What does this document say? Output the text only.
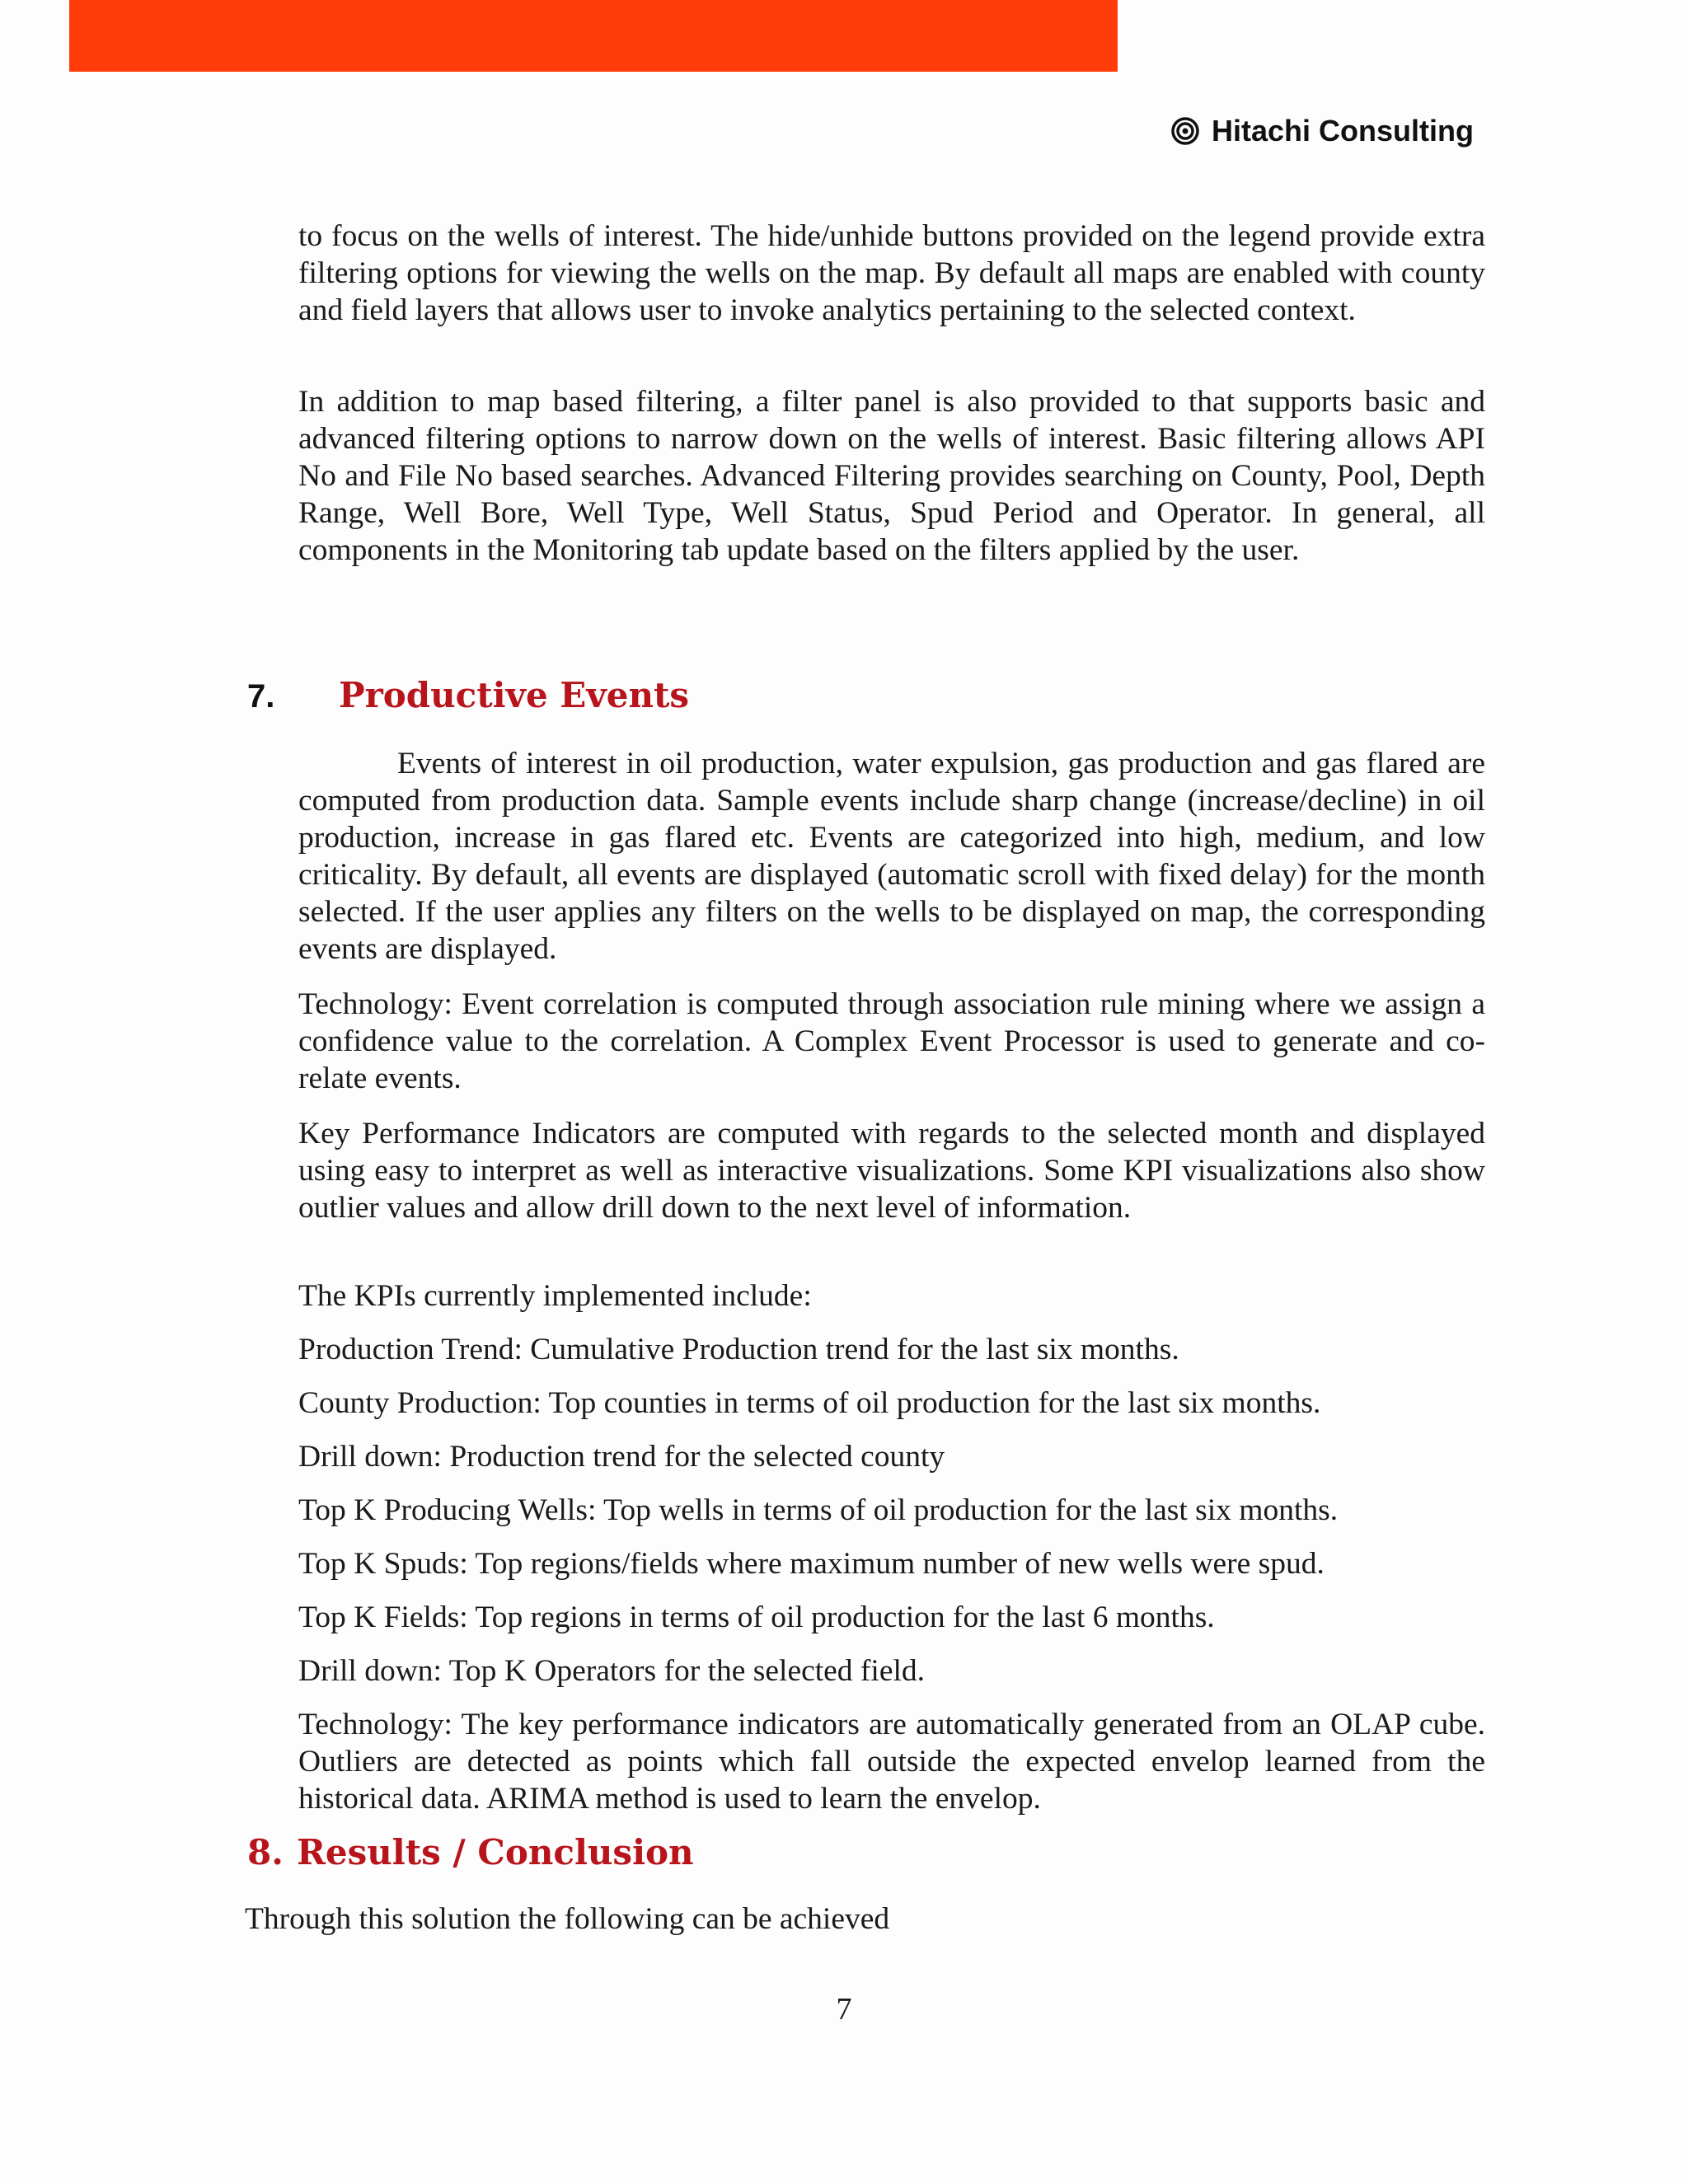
Hitachi Consulting

to focus on the wells of interest. The hide/unhide buttons provided on the legend provide extra filtering options for viewing the wells on the map. By default all maps are enabled with county and field layers that allows user to invoke analytics pertaining to the selected context.

In addition to map based filtering, a filter panel is also provided to that supports basic and advanced filtering options to narrow down on the wells of interest. Basic filtering allows API No and File No based searches. Advanced Filtering provides searching on County, Pool, Depth Range, Well Bore, Well Type, Well Status, Spud Period and Operator. In general, all components in the Monitoring tab update based on the filters applied by the user.

7.	Productive Events

Events of interest in oil production, water expulsion, gas production and gas flared are computed from production data. Sample events include sharp change (increase/decline) in oil production, increase in gas flared etc. Events are categorized into high, medium, and low criticality. By default, all events are displayed (automatic scroll with fixed delay) for the month selected. If the user applies any filters on the wells to be displayed on map, the corresponding events are displayed.

Technology: Event correlation is computed through association rule mining where we assign a confidence value to the correlation. A Complex Event Processor is used to generate and co-relate events.

Key Performance Indicators are computed with regards to the selected month and displayed using easy to interpret as well as interactive visualizations. Some KPI visualizations also show outlier values and allow drill down to the next level of information.

The KPIs currently implemented include:

Production Trend: Cumulative Production trend for the last six months.

County Production: Top counties in terms of oil production for the last six months.

Drill down: Production trend for the selected county

Top K Producing Wells: Top wells in terms of oil production for the last six months.

Top K Spuds: Top regions/fields where maximum number of new wells were spud.

Top K Fields: Top regions in terms of oil production for the last 6 months.

Drill down: Top K Operators for the selected field.

Technology: The key performance indicators are automatically generated from an OLAP cube. Outliers are detected as points which fall outside the expected envelop learned from the historical data. ARIMA method is used to learn the envelop.

8. Results / Conclusion

Through this solution the following can be achieved

7
